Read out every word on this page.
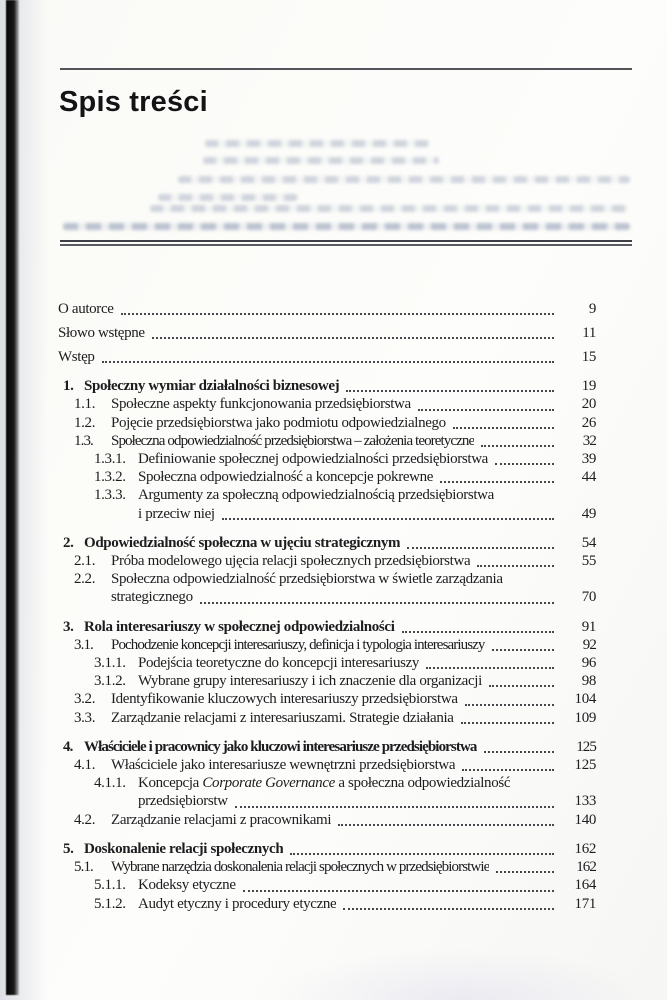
Spis treści
O autorce	9
Słowo wstępne	11
Wstęp	15
1. Społeczny wymiar działalności biznesowej	19
1.1.	Społeczne aspekty funkcjonowania przedsiębiorstwa	20
1.2.	Pojęcie przedsiębiorstwa jako podmiotu odpowiedzialnego	26
1.3.	Społeczna odpowiedzialność przedsiębiorstwa – założenia teoretyczne	32
1.3.1. Definiowanie społecznej odpowiedzialności przedsiębiorstwa	39
1.3.2. Społeczna odpowiedzialność a koncepcje pokrewne	44
1.3.3. Argumenty za społeczną odpowiedzialnością przedsiębiorstwa
i przeciw niej	49
2. Odpowiedzialność społeczna w ujęciu strategicznym	54
2.1.	Próba modelowego ujęcia relacji społecznych przedsiębiorstwa	55
2.2.	Społeczna odpowiedzialność przedsiębiorstwa w świetle zarządzania
strategicznego	70
3. Rola interesariuszy w społecznej odpowiedzialności	91
3.1.	Pochodzenie koncepcji interesariuszy, definicja i typologia interesariuszy	92
3.1.1. Podejścia teoretyczne do koncepcji interesariuszy	96
3.1.2. Wybrane grupy interesariuszy i ich znaczenie dla organizacji	98
3.2.	Identyfikowanie kluczowych interesariuszy przedsiębiorstwa	104
3.3.	Zarządzanie relacjami z interesariuszami. Strategie działania	109
4. Właściciele i pracownicy jako kluczowi interesariusze przedsiębiorstwa	125
4.1.	Właściciele jako interesariusze wewnętrzni przedsiębiorstwa	125
4.1.1. Koncepcja Corporate Governance a społeczna odpowiedzialność
przedsiębiorstw	133
4.2.	Zarządzanie relacjami z pracownikami	140
5. Doskonalenie relacji społecznych	162
5.1.	Wybrane narzędzia doskonalenia relacji społecznych w przedsiębiorstwie	162
5.1.1. Kodeksy etyczne	164
5.1.2. Audyt etyczny i procedury etyczne	171
